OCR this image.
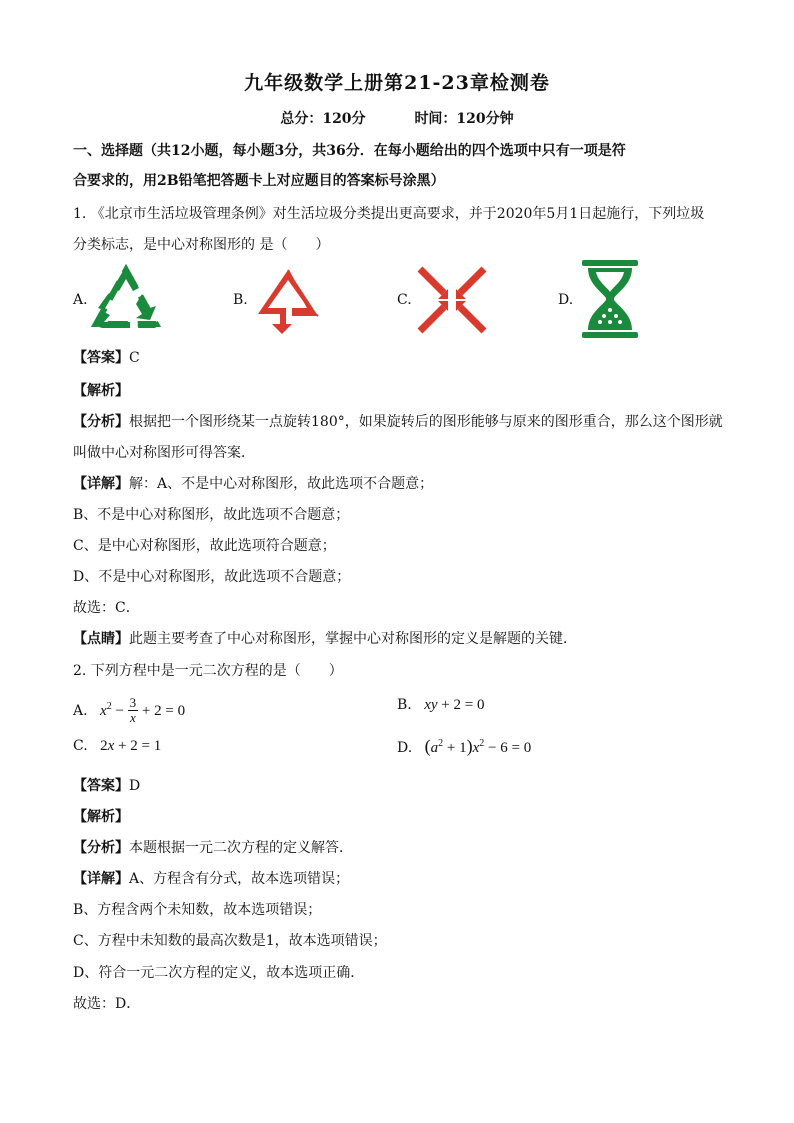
九年级数学上册第21-23章检测卷
总分：120分	时间：120分钟
一、选择题（共12小题，每小题3分，共36分．在每小题给出的四个选项中只有一项是符
合要求的，用2B铅笔把答题卡上对应题目的答案标号涂黑）
1. 《北京市生活垃圾管理条例》对生活垃圾分类提出更高要求，并于2020年5月1日起施行，下列垃圾
分类标志，是中心对称图形的 是（　　）
A.	B.	C.	D.
【答案】C
【解析】
【分析】根据把一个图形绕某一点旋转180°，如果旋转后的图形能够与原来的图形重合，那么这个图形就
叫做中心对称图形可得答案．
【详解】解：A、不是中心对称图形，故此选项不合题意；
B、不是中心对称图形，故此选项不合题意；
C、是中心对称图形，故此选项符合题意；
D、不是中心对称图形，故此选项不合题意；
故选：C．
【点睛】此题主要考查了中心对称图形，掌握中心对称图形的定义是解题的关键．
2. 下列方程中是一元二次方程的是（　　）
A. $x^2 - \frac{3}{x} + 2 = 0$	B. xy + 2 = 0
C. 2x + 2 = 1	D. $(a^2 + 1)x^2 - 6 = 0$
【答案】D
【解析】
【分析】本题根据一元二次方程的定义解答．
【详解】A、方程含有分式，故本选项错误；
B、方程含两个未知数，故本选项错误；
C、方程中未知数的最高次数是1，故本选项错误；
D、符合一元二次方程的定义，故本选项正确．
故选：D．
